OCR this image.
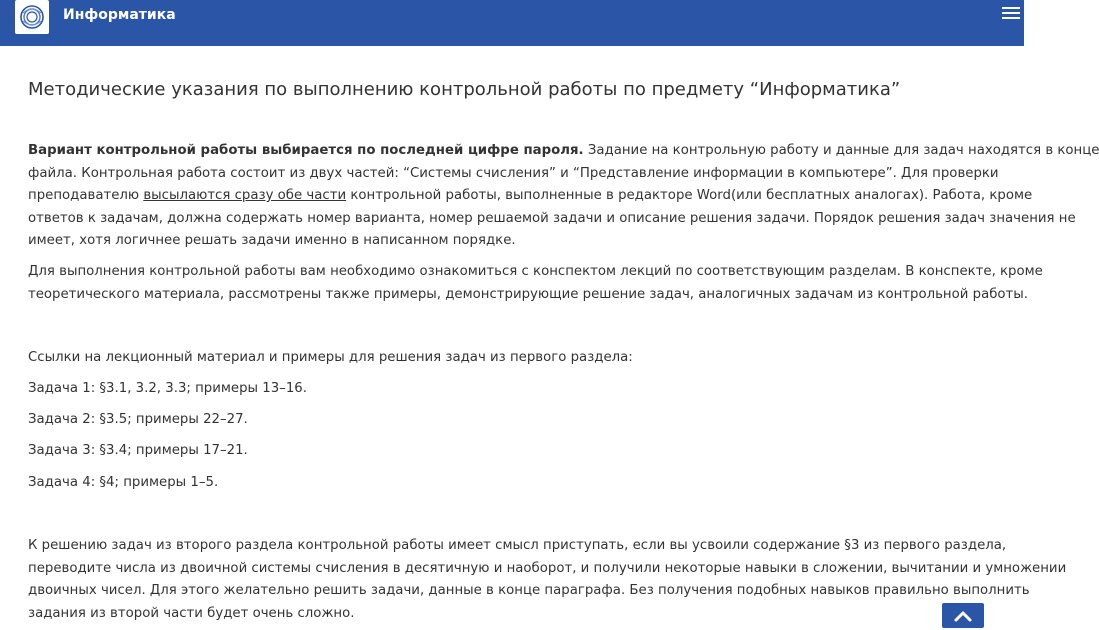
Информатика
Методические указания по выполнению контрольной работы по предмету “Информатика”
Вариант контрольной работы выбирается по последней цифре пароля. Задание на контрольную работу и данные для задач находятся в конце
файла. Контрольная работа состоит из двух частей: “Системы счисления” и “Представление информации в компьютере”. Для проверки
преподавателю высылаются сразу обе части контрольной работы, выполненные в редакторе Word(или бесплатных аналогах). Работа, кроме
ответов к задачам, должна содержать номер варианта, номер решаемой задачи и описание решения задачи. Порядок решения задач значения не
имеет, хотя логичнее решать задачи именно в написанном порядке.
Для выполнения контрольной работы вам необходимо ознакомиться с конспектом лекций по соответствующим разделам. В конспекте, кроме
теоретического материала, рассмотрены также примеры, демонстрирующие решение задач, аналогичных задачам из контрольной работы.
Ссылки на лекционный материал и примеры для решения задач из первого раздела:
Задача 1: §3.1, 3.2, 3.3; примеры 13–16.
Задача 2: §3.5; примеры 22–27.
Задача 3: §3.4; примеры 17–21.
Задача 4: §4; примеры 1–5.
К решению задач из второго раздела контрольной работы имеет смысл приступать, если вы усвоили содержание §3 из первого раздела,
переводите числа из двоичной системы счисления в десятичную и наоборот, и получили некоторые навыки в сложении, вычитании и умножении
двоичных чисел. Для этого желательно решить задачи, данные в конце параграфа. Без получения подобных навыков правильно выполнить
задания из второй части будет очень сложно.
